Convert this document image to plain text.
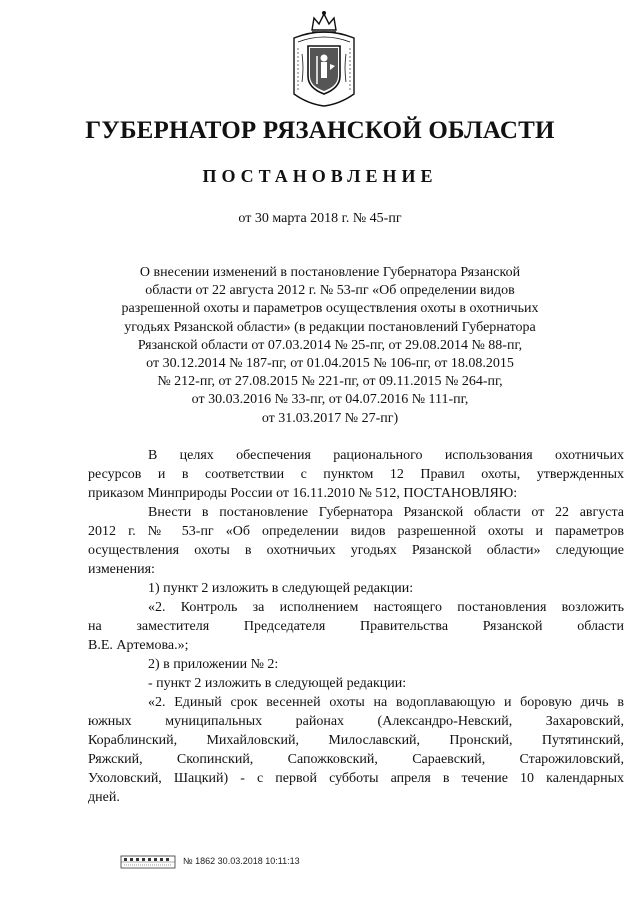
ГУБЕРНАТОР РЯЗАНСКОЙ ОБЛАСТИ
ПОСТАНОВЛЕНИЕ
от 30 марта 2018 г. № 45-пг
О внесении изменений в постановление Губернатора Рязанской
области от 22 августа 2012 г. № 53-пг «Об определении видов
разрешенной охоты и параметров осуществления охоты в охотничьих
угодьях Рязанской области» (в редакции постановлений Губернатора
Рязанской области от 07.03.2014 № 25-пг, от 29.08.2014 № 88-пг,
от 30.12.2014 № 187-пг, от 01.04.2015 № 106-пг, от 18.08.2015
№ 212-пг, от 27.08.2015 № 221-пг, от 09.11.2015 № 264-пг,
от 30.03.2016 № 33-пг, от 04.07.2016 № 111-пг,
от 31.03.2017 № 27-пг)
В целях обеспечения рационального использования охотничьих
ресурсов и в соответствии с пунктом 12 Правил охоты, утвержденных
приказом Минприроды России от 16.11.2010 № 512, ПОСТАНОВЛЯЮ:
Внести в постановление Губернатора Рязанской области от 22 августа
2012 г. № 53-пг «Об определении видов разрешенной охоты и параметров
осуществления охоты в охотничьих угодьях Рязанской области» следующие
изменения:
1) пункт 2 изложить в следующей редакции:
«2. Контроль за исполнением настоящего постановления возложить
на заместителя Председателя Правительства Рязанской области
В.Е. Артемова.»;
2) в приложении № 2:
- пункт 2 изложить в следующей редакции:
«2. Единый срок весенней охоты на водоплавающую и боровую дичь в
южных муниципальных районах (Александро-Невский, Захаровский,
Кораблинский, Михайловский, Милославский, Пронский, Путятинский,
Ряжский, Скопинский, Сапожковский, Сараевский, Старожиловский,
Ухоловский, Шацкий) - с первой субботы апреля в течение 10 календарных
дней.
№ 1862 30.03.2018 10:11:13
